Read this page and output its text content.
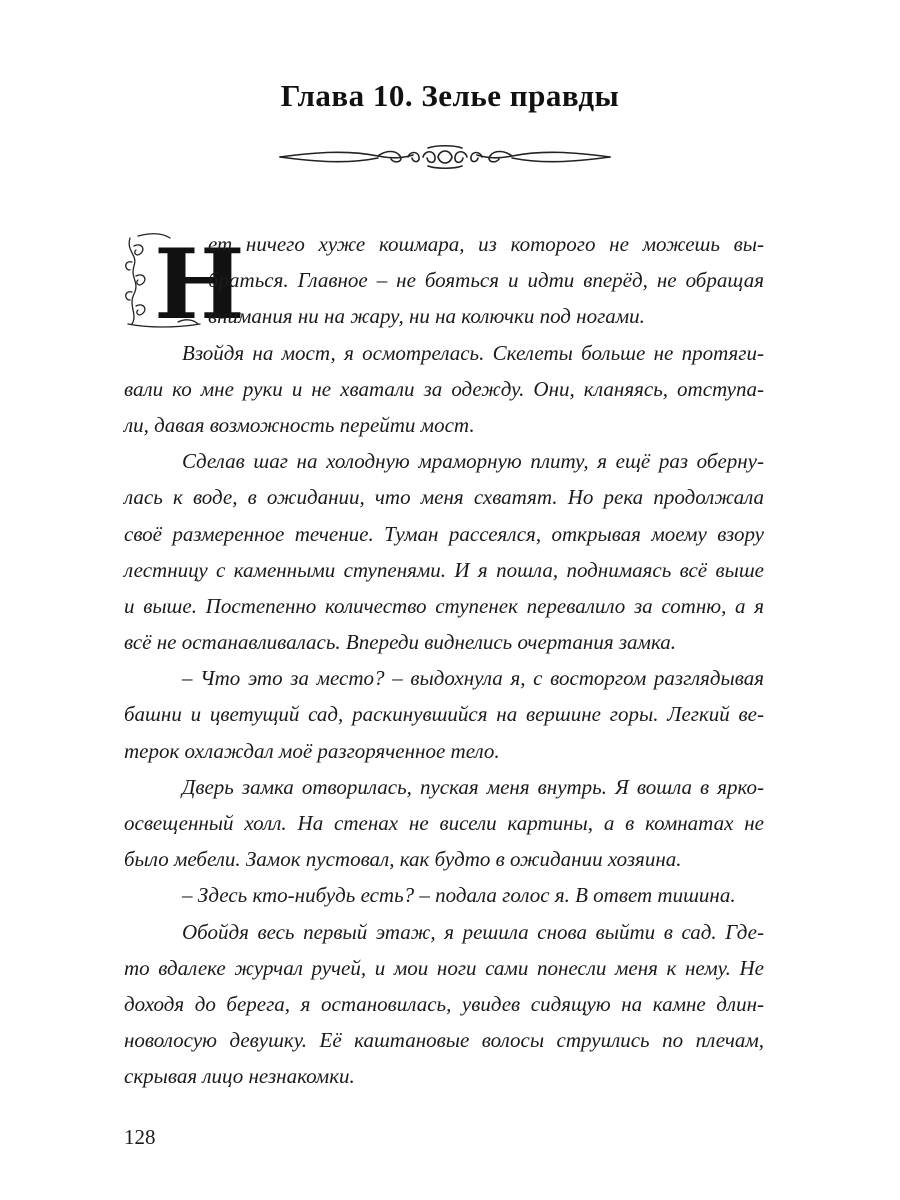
Глава 10. Зелье правды
Н
ет ничего хуже кошмара, из которого не можешь вы-
браться. Главное – не бояться и идти вперёд, не обращая
внимания ни на жару, ни на колючки под ногами.
Взойдя на мост, я осмотрелась. Скелеты больше не протяги-
вали ко мне руки и не хватали за одежду. Они, кланяясь, отступа-
ли, давая возможность перейти мост.
Сделав шаг на холодную мраморную плиту, я ещё раз оберну-
лась к воде, в ожидании, что меня схватят. Но река продолжала
своё размеренное течение. Туман рассеялся, открывая моему взору
лестницу с каменными ступенями. И я пошла, поднимаясь всё выше
и выше. Постепенно количество ступенек перевалило за сотню, а я
всё не останавливалась. Впереди виднелись очертания замка.
– Что это за место? – выдохнула я, с восторгом разглядывая
башни и цветущий сад, раскинувшийся на вершине горы. Легкий ве-
терок охлаждал моё разгоряченное тело.
Дверь замка отворилась, пуская меня внутрь. Я вошла в ярко-
освещенный холл. На стенах не висели картины, а в комнатах не
было мебели. Замок пустовал, как будто в ожидании хозяина.
– Здесь кто-нибудь есть? – подала голос я. В ответ тишина.
Обойдя весь первый этаж, я решила снова выйти в сад. Где-
то вдалеке журчал ручей, и мои ноги сами понесли меня к нему. Не
доходя до берега, я остановилась, увидев сидящую на камне длин-
новолосую девушку. Её каштановые волосы струились по плечам,
скрывая лицо незнакомки.
128
